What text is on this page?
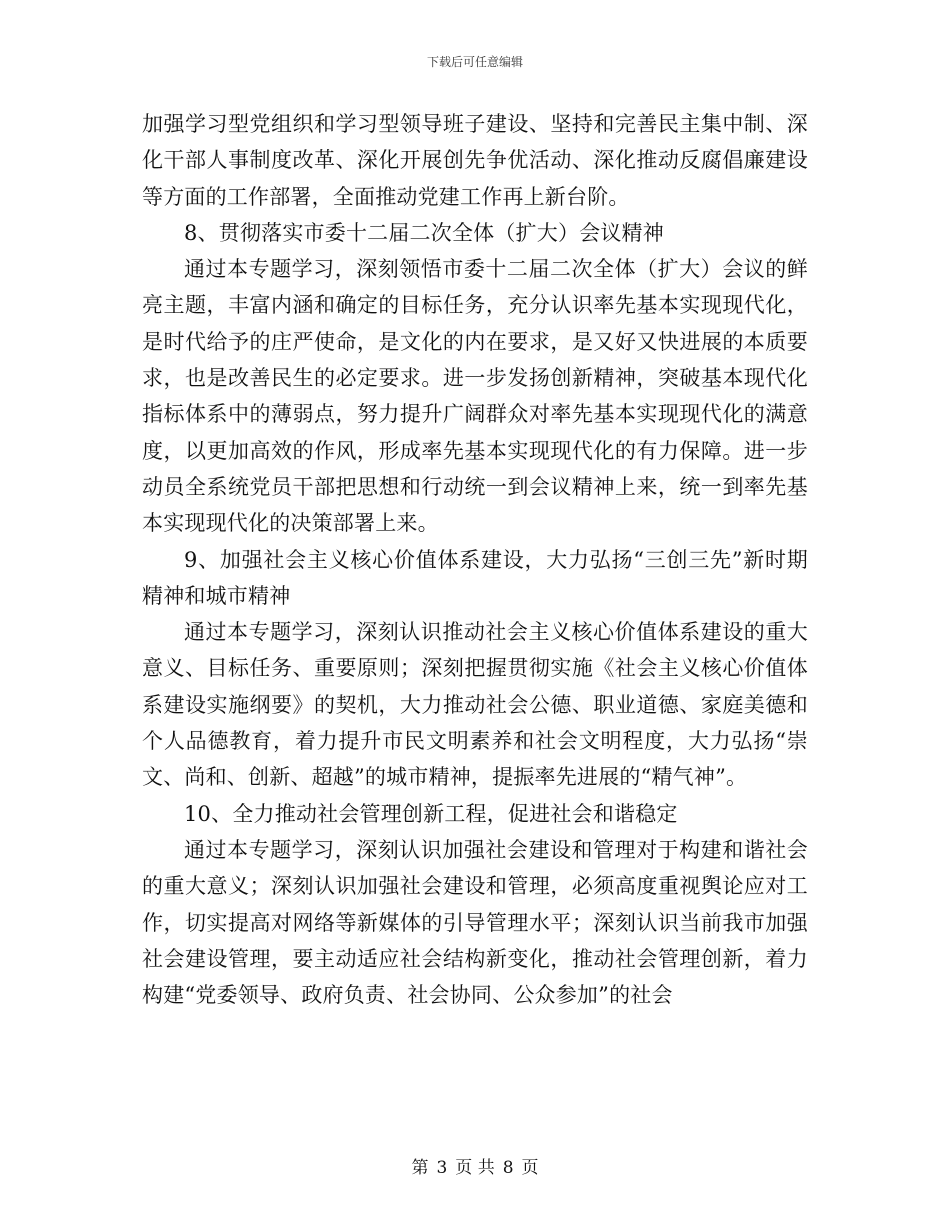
下载后可任意编辑

加强学习型党组织和学习型领导班子建设、坚持和完善民主集中制、深化干部人事制度改革、深化开展创先争优活动、深化推动反腐倡廉建设等方面的工作部署，全面推动党建工作再上新台阶。

8、贯彻落实市委十二届二次全体（扩大）会议精神

通过本专题学习，深刻领悟市委十二届二次全体（扩大）会议的鲜亮主题，丰富内涵和确定的目标任务，充分认识率先基本实现现代化，是时代给予的庄严使命，是文化的内在要求，是又好又快进展的本质要求，也是改善民生的必定要求。进一步发扬创新精神，突破基本现代化指标体系中的薄弱点，努力提升广阔群众对率先基本实现现代化的满意度，以更加高效的作风，形成率先基本实现现代化的有力保障。进一步动员全系统党员干部把思想和行动统一到会议精神上来，统一到率先基本实现现代化的决策部署上来。

9、加强社会主义核心价值体系建设，大力弘扬“三创三先”新时期精神和城市精神

通过本专题学习，深刻认识推动社会主义核心价值体系建设的重大意义、目标任务、重要原则；深刻把握贯彻实施《社会主义核心价值体系建设实施纲要》的契机，大力推动社会公德、职业道德、家庭美德和个人品德教育，着力提升市民文明素养和社会文明程度，大力弘扬“崇文、尚和、创新、超越”的城市精神，提振率先进展的“精气神”。

10、全力推动社会管理创新工程，促进社会和谐稳定

通过本专题学习，深刻认识加强社会建设和管理对于构建和谐社会的重大意义；深刻认识加强社会建设和管理，必须高度重视舆论应对工作，切实提高对网络等新媒体的引导管理水平；深刻认识当前我市加强社会建设管理，要主动适应社会结构新变化，推动社会管理创新，着力构建“党委领导、政府负责、社会协同、公众参加”的社会

第 3 页 共 8 页
